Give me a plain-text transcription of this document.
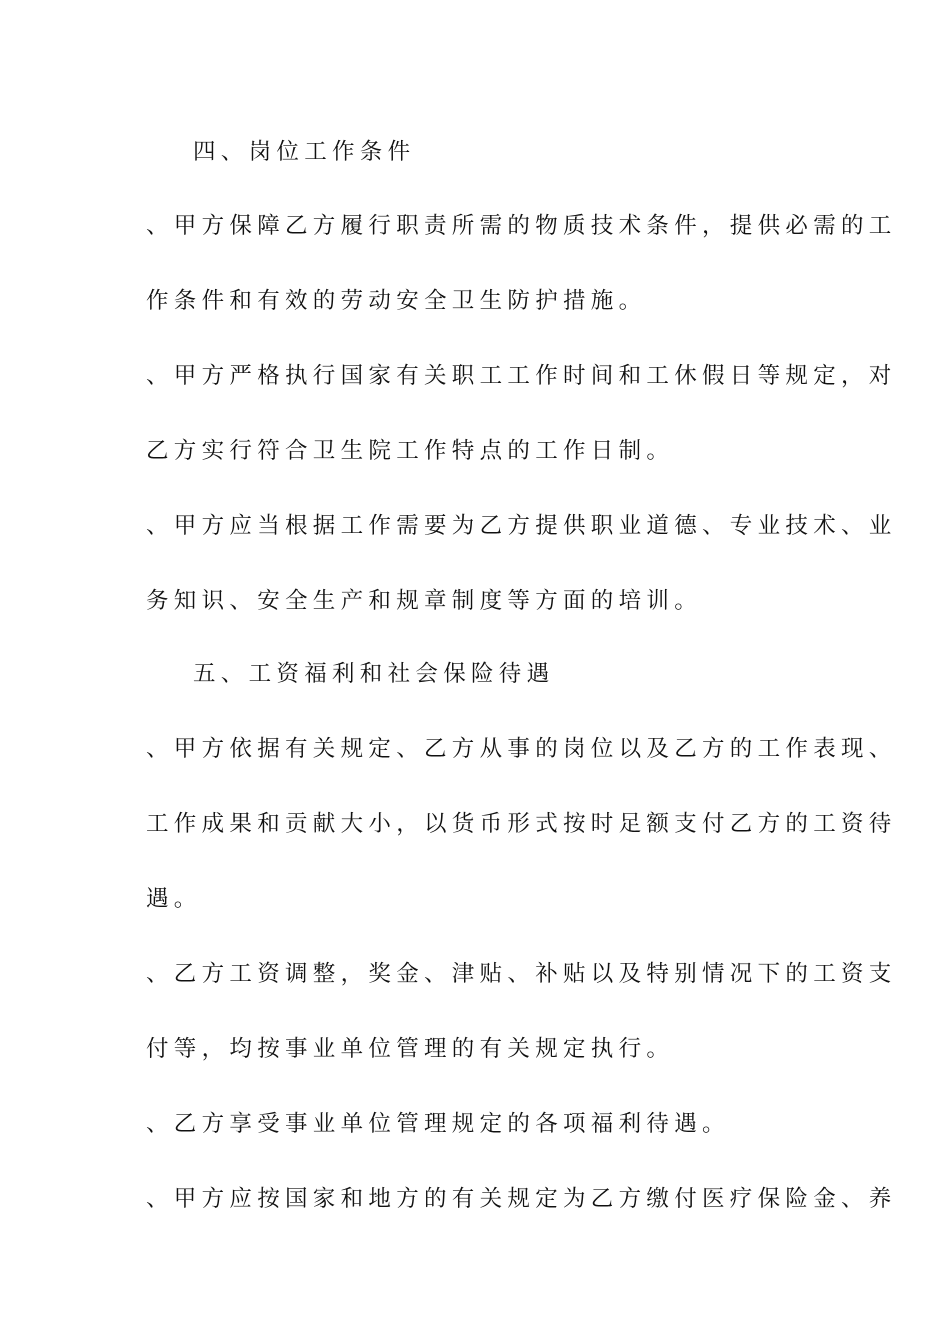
四、岗位工作条件
、甲方保障乙方履行职责所需的物质技术条件，提供必需的工
作条件和有效的劳动安全卫生防护措施。
、甲方严格执行国家有关职工工作时间和工休假日等规定，对
乙方实行符合卫生院工作特点的工作日制。
、甲方应当根据工作需要为乙方提供职业道德、专业技术、业
务知识、安全生产和规章制度等方面的培训。
五、工资福利和社会保险待遇
、甲方依据有关规定、乙方从事的岗位以及乙方的工作表现、
工作成果和贡献大小，以货币形式按时足额支付乙方的工资待
遇。
、乙方工资调整，奖金、津贴、补贴以及特别情况下的工资支
付等，均按事业单位管理的有关规定执行。
、乙方享受事业单位管理规定的各项福利待遇。
、甲方应按国家和地方的有关规定为乙方缴付医疗保险金、养
